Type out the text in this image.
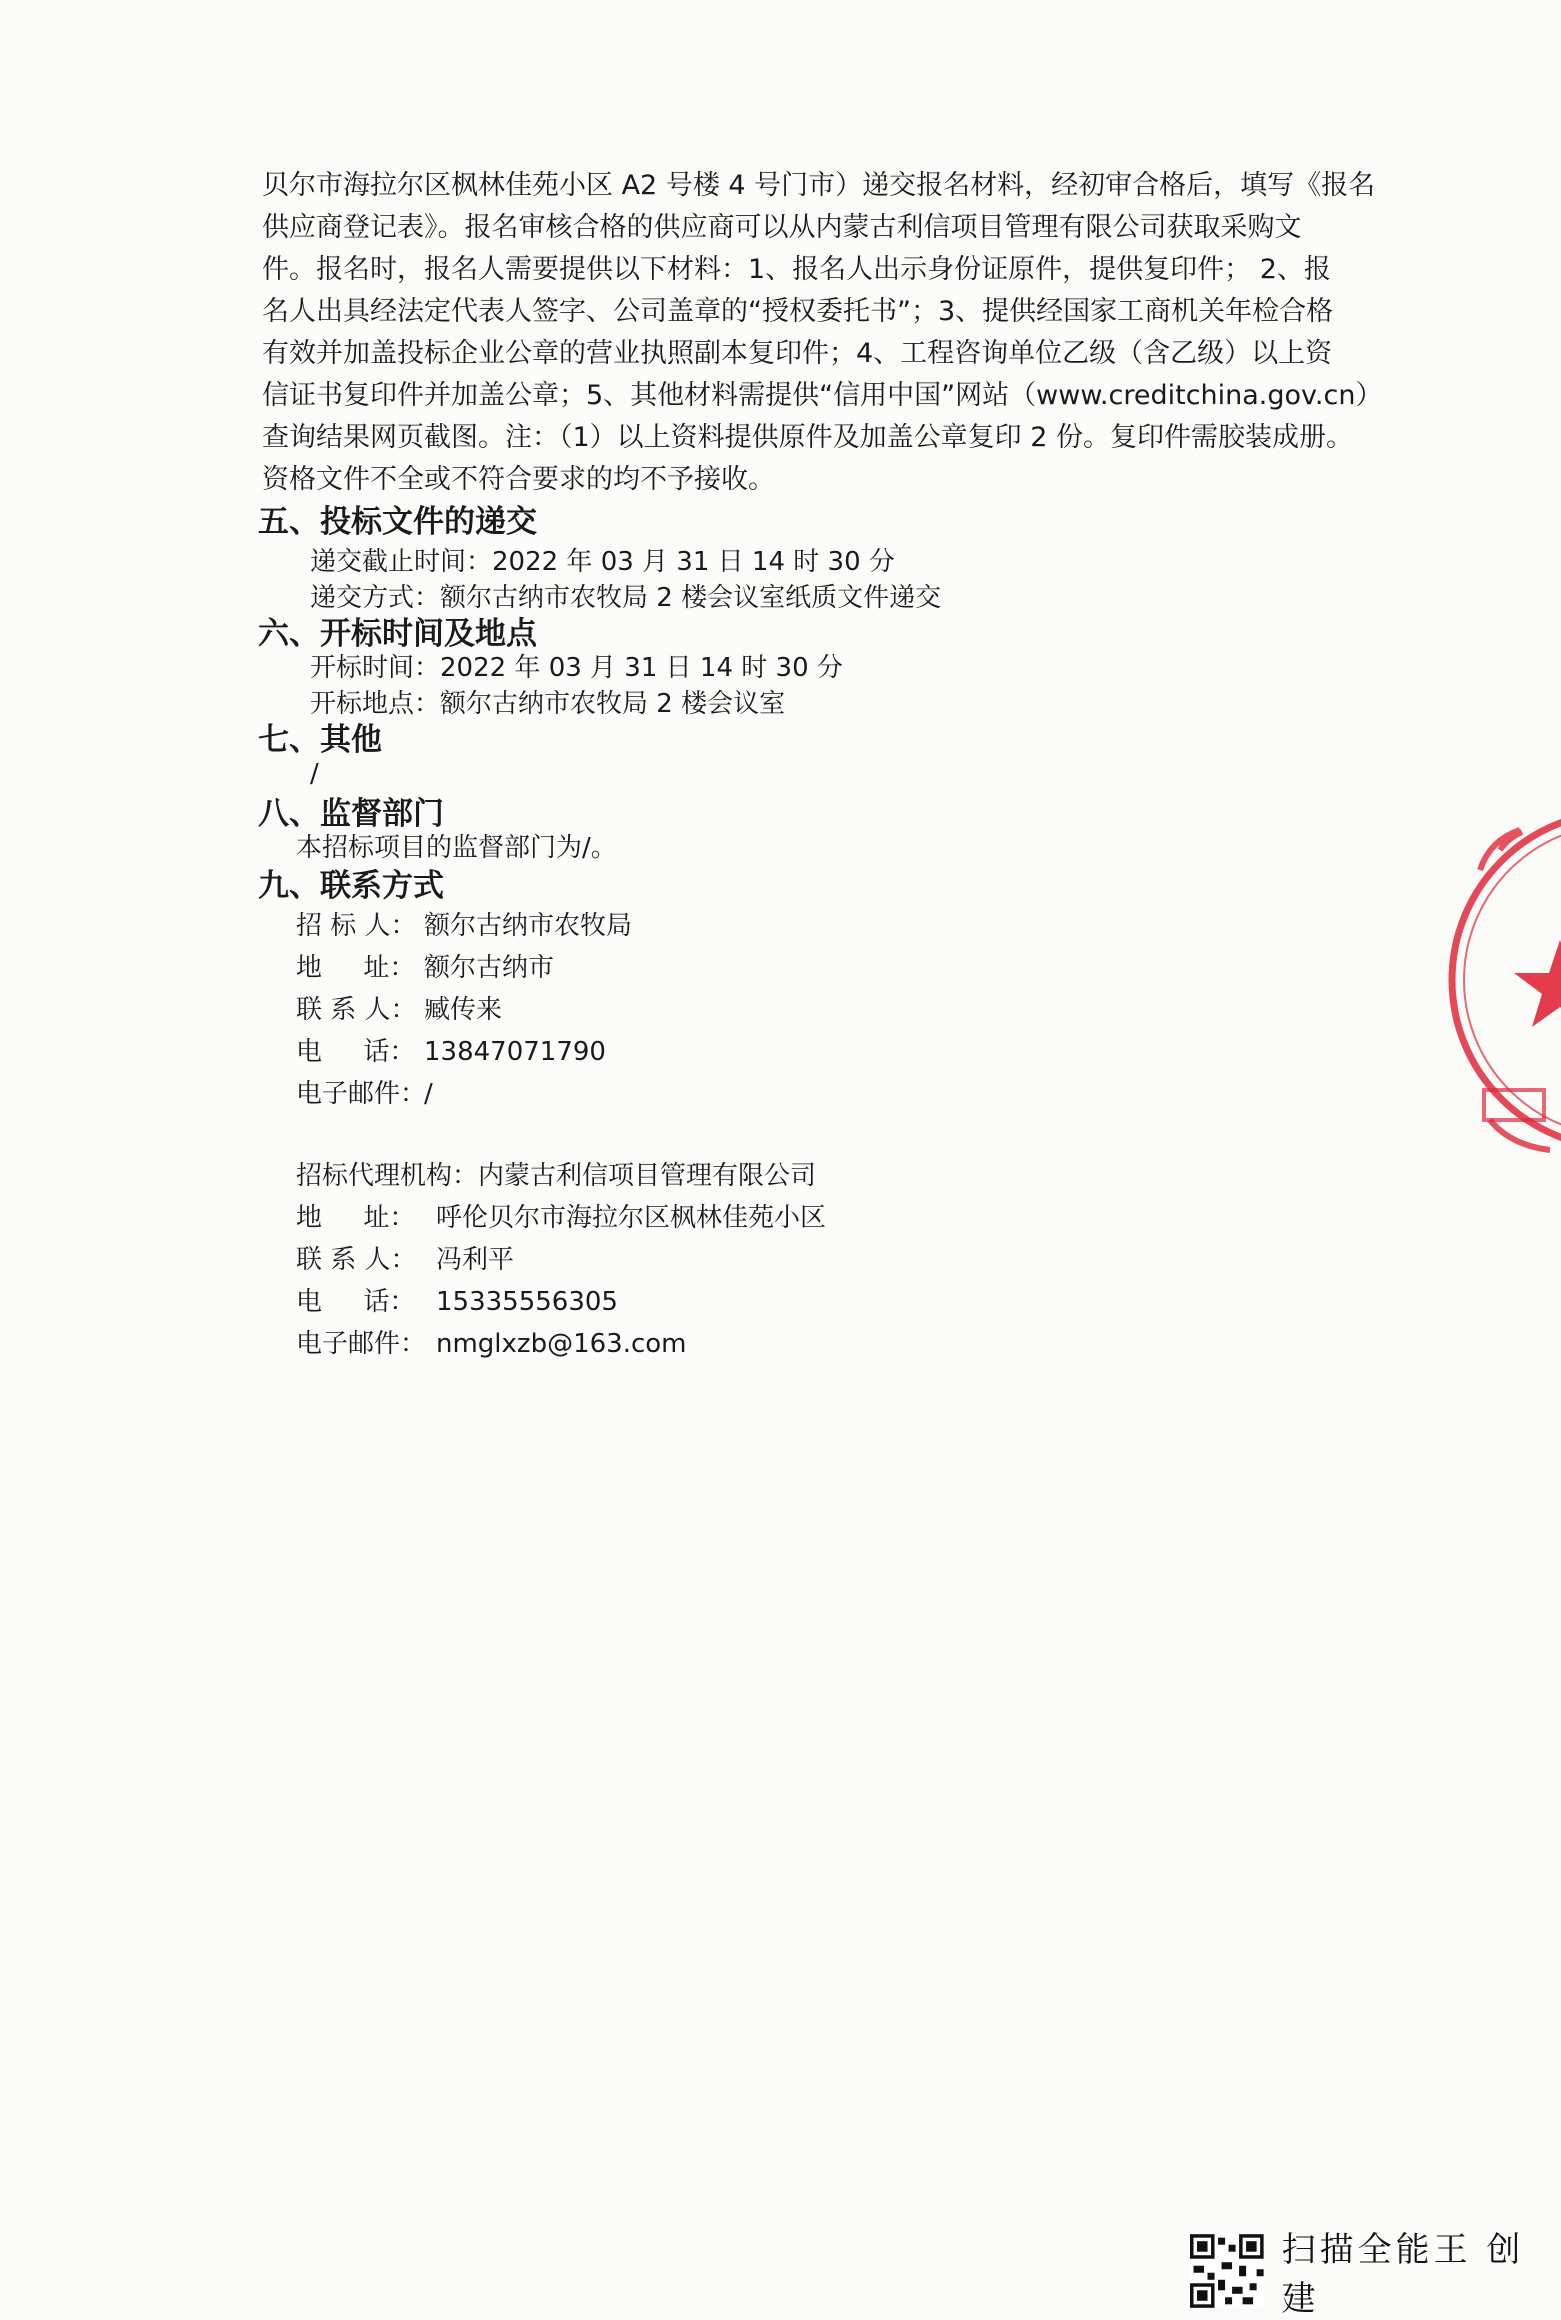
贝尔市海拉尔区枫林佳苑小区 A2 号楼 4 号门市）递交报名材料，经初审合格后，填写《报名
供应商登记表》。报名审核合格的供应商可以从内蒙古利信项目管理有限公司获取采购文
件。报名时，报名人需要提供以下材料：1、报名人出示身份证原件，提供复印件； 2、报
名人出具经法定代表人签字、公司盖章的“授权委托书”；3、提供经国家工商机关年检合格
有效并加盖投标企业公章的营业执照副本复印件；4、工程咨询单位乙级（含乙级）以上资
信证书复印件并加盖公章；5、其他材料需提供“信用中国”网站（www.creditchina.gov.cn）
查询结果网页截图。注：（1）以上资料提供原件及加盖公章复印 2 份。复印件需胶装成册。
资格文件不全或不符合要求的均不予接收。
五、投标文件的递交
递交截止时间：2022 年 03 月 31 日 14 时 30 分
递交方式：额尔古纳市农牧局 2 楼会议室纸质文件递交
六、开标时间及地点
开标时间：2022 年 03 月 31 日 14 时 30 分
开标地点：额尔古纳市农牧局 2 楼会议室
七、其他
/
八、监督部门
本招标项目的监督部门为/。
九、联系方式
招 标 人： 额尔古纳市农牧局
地     址： 额尔古纳市
联 系 人： 臧传来
电     话： 13847071790
电子邮件：/
招标代理机构：内蒙古利信项目管理有限公司
地     址： 呼伦贝尔市海拉尔区枫林佳苑小区
联 系 人： 冯利平
电     话： 15335556305
电子邮件： nmglxzb@163.com
扫描全能王 创建
